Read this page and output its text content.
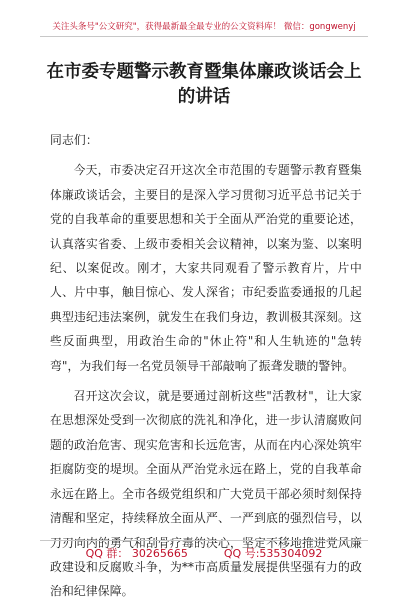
关注头条号"公文研究"，获得最新最全最专业的公文资料库！ 微信：gongwenyj
在市委专题警示教育暨集体廉政谈话会上的讲话

同志们：

今天，市委决定召开这次全市范围的专题警示教育暨集体廉政谈话会，主要目的是深入学习贯彻习近平总书记关于党的自我革命的重要思想和关于全面从严治党的重要论述，认真落实省委、上级市委相关会议精神，以案为鉴、以案明纪、以案促改。刚才，大家共同观看了警示教育片，片中人、片中事，触目惊心、发人深省；市纪委监委通报的几起典型违纪违法案例，就发生在我们身边，教训极其深刻。这些反面典型，用政治生命的"休止符"和人生轨迹的"急转弯"，为我们每一名党员领导干部敲响了振聋发聩的警钟。

召开这次会议，就是要通过剖析这些"活教材"，让大家在思想深处受到一次彻底的洗礼和净化，进一步认清腐败问题的政治危害、现实危害和长远危害，从而在内心深处筑牢拒腐防变的堤坝。全面从严治党永远在路上，党的自我革命永远在路上。全市各级党组织和广大党员干部必须时刻保持清醒和坚定，持续释放全面从严、一严到底的强烈信号，以刀刃向内的勇气和刮骨疗毒的决心，坚定不移地推进党风廉政建设和反腐败斗争，为**市高质量发展提供坚强有力的政治和纪律保障。

QQ 群： 30265665	QQ 号:535304092
